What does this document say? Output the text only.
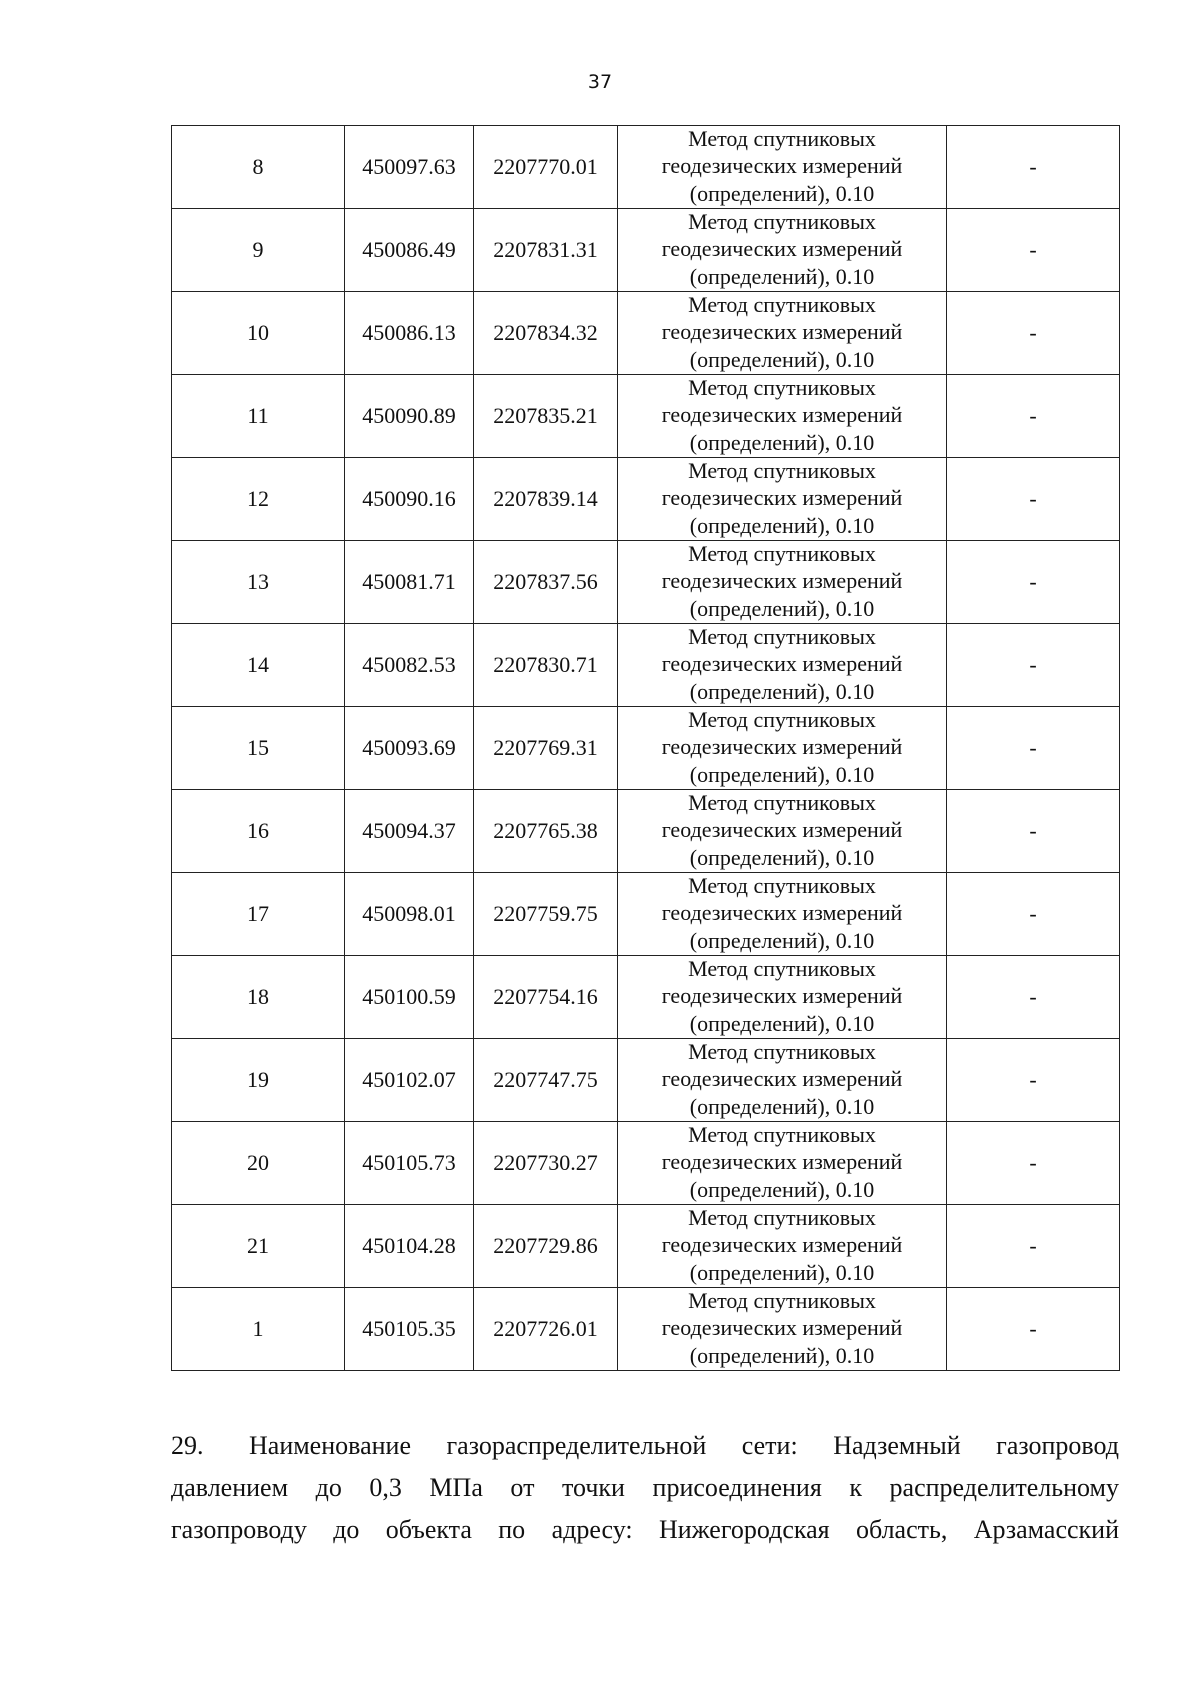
37
8	450097.63	2207770.01	Метод спутниковых
геодезических измерений
(определений), 0.10	-
9	450086.49	2207831.31	Метод спутниковых
геодезических измерений
(определений), 0.10	-
10	450086.13	2207834.32	Метод спутниковых
геодезических измерений
(определений), 0.10	-
11	450090.89	2207835.21	Метод спутниковых
геодезических измерений
(определений), 0.10	-
12	450090.16	2207839.14	Метод спутниковых
геодезических измерений
(определений), 0.10	-
13	450081.71	2207837.56	Метод спутниковых
геодезических измерений
(определений), 0.10	-
14	450082.53	2207830.71	Метод спутниковых
геодезических измерений
(определений), 0.10	-
15	450093.69	2207769.31	Метод спутниковых
геодезических измерений
(определений), 0.10	-
16	450094.37	2207765.38	Метод спутниковых
геодезических измерений
(определений), 0.10	-
17	450098.01	2207759.75	Метод спутниковых
геодезических измерений
(определений), 0.10	-
18	450100.59	2207754.16	Метод спутниковых
геодезических измерений
(определений), 0.10	-
19	450102.07	2207747.75	Метод спутниковых
геодезических измерений
(определений), 0.10	-
20	450105.73	2207730.27	Метод спутниковых
геодезических измерений
(определений), 0.10	-
21	450104.28	2207729.86	Метод спутниковых
геодезических измерений
(определений), 0.10	-
1	450105.35	2207726.01	Метод спутниковых
геодезических измерений
(определений), 0.10	-
29. Наименование газораспределительной сети: Надземный газопровод
давлением до 0,3 МПа от точки присоединения к распределительному
газопроводу до объекта по адресу: Нижегородская область, Арзамасский
